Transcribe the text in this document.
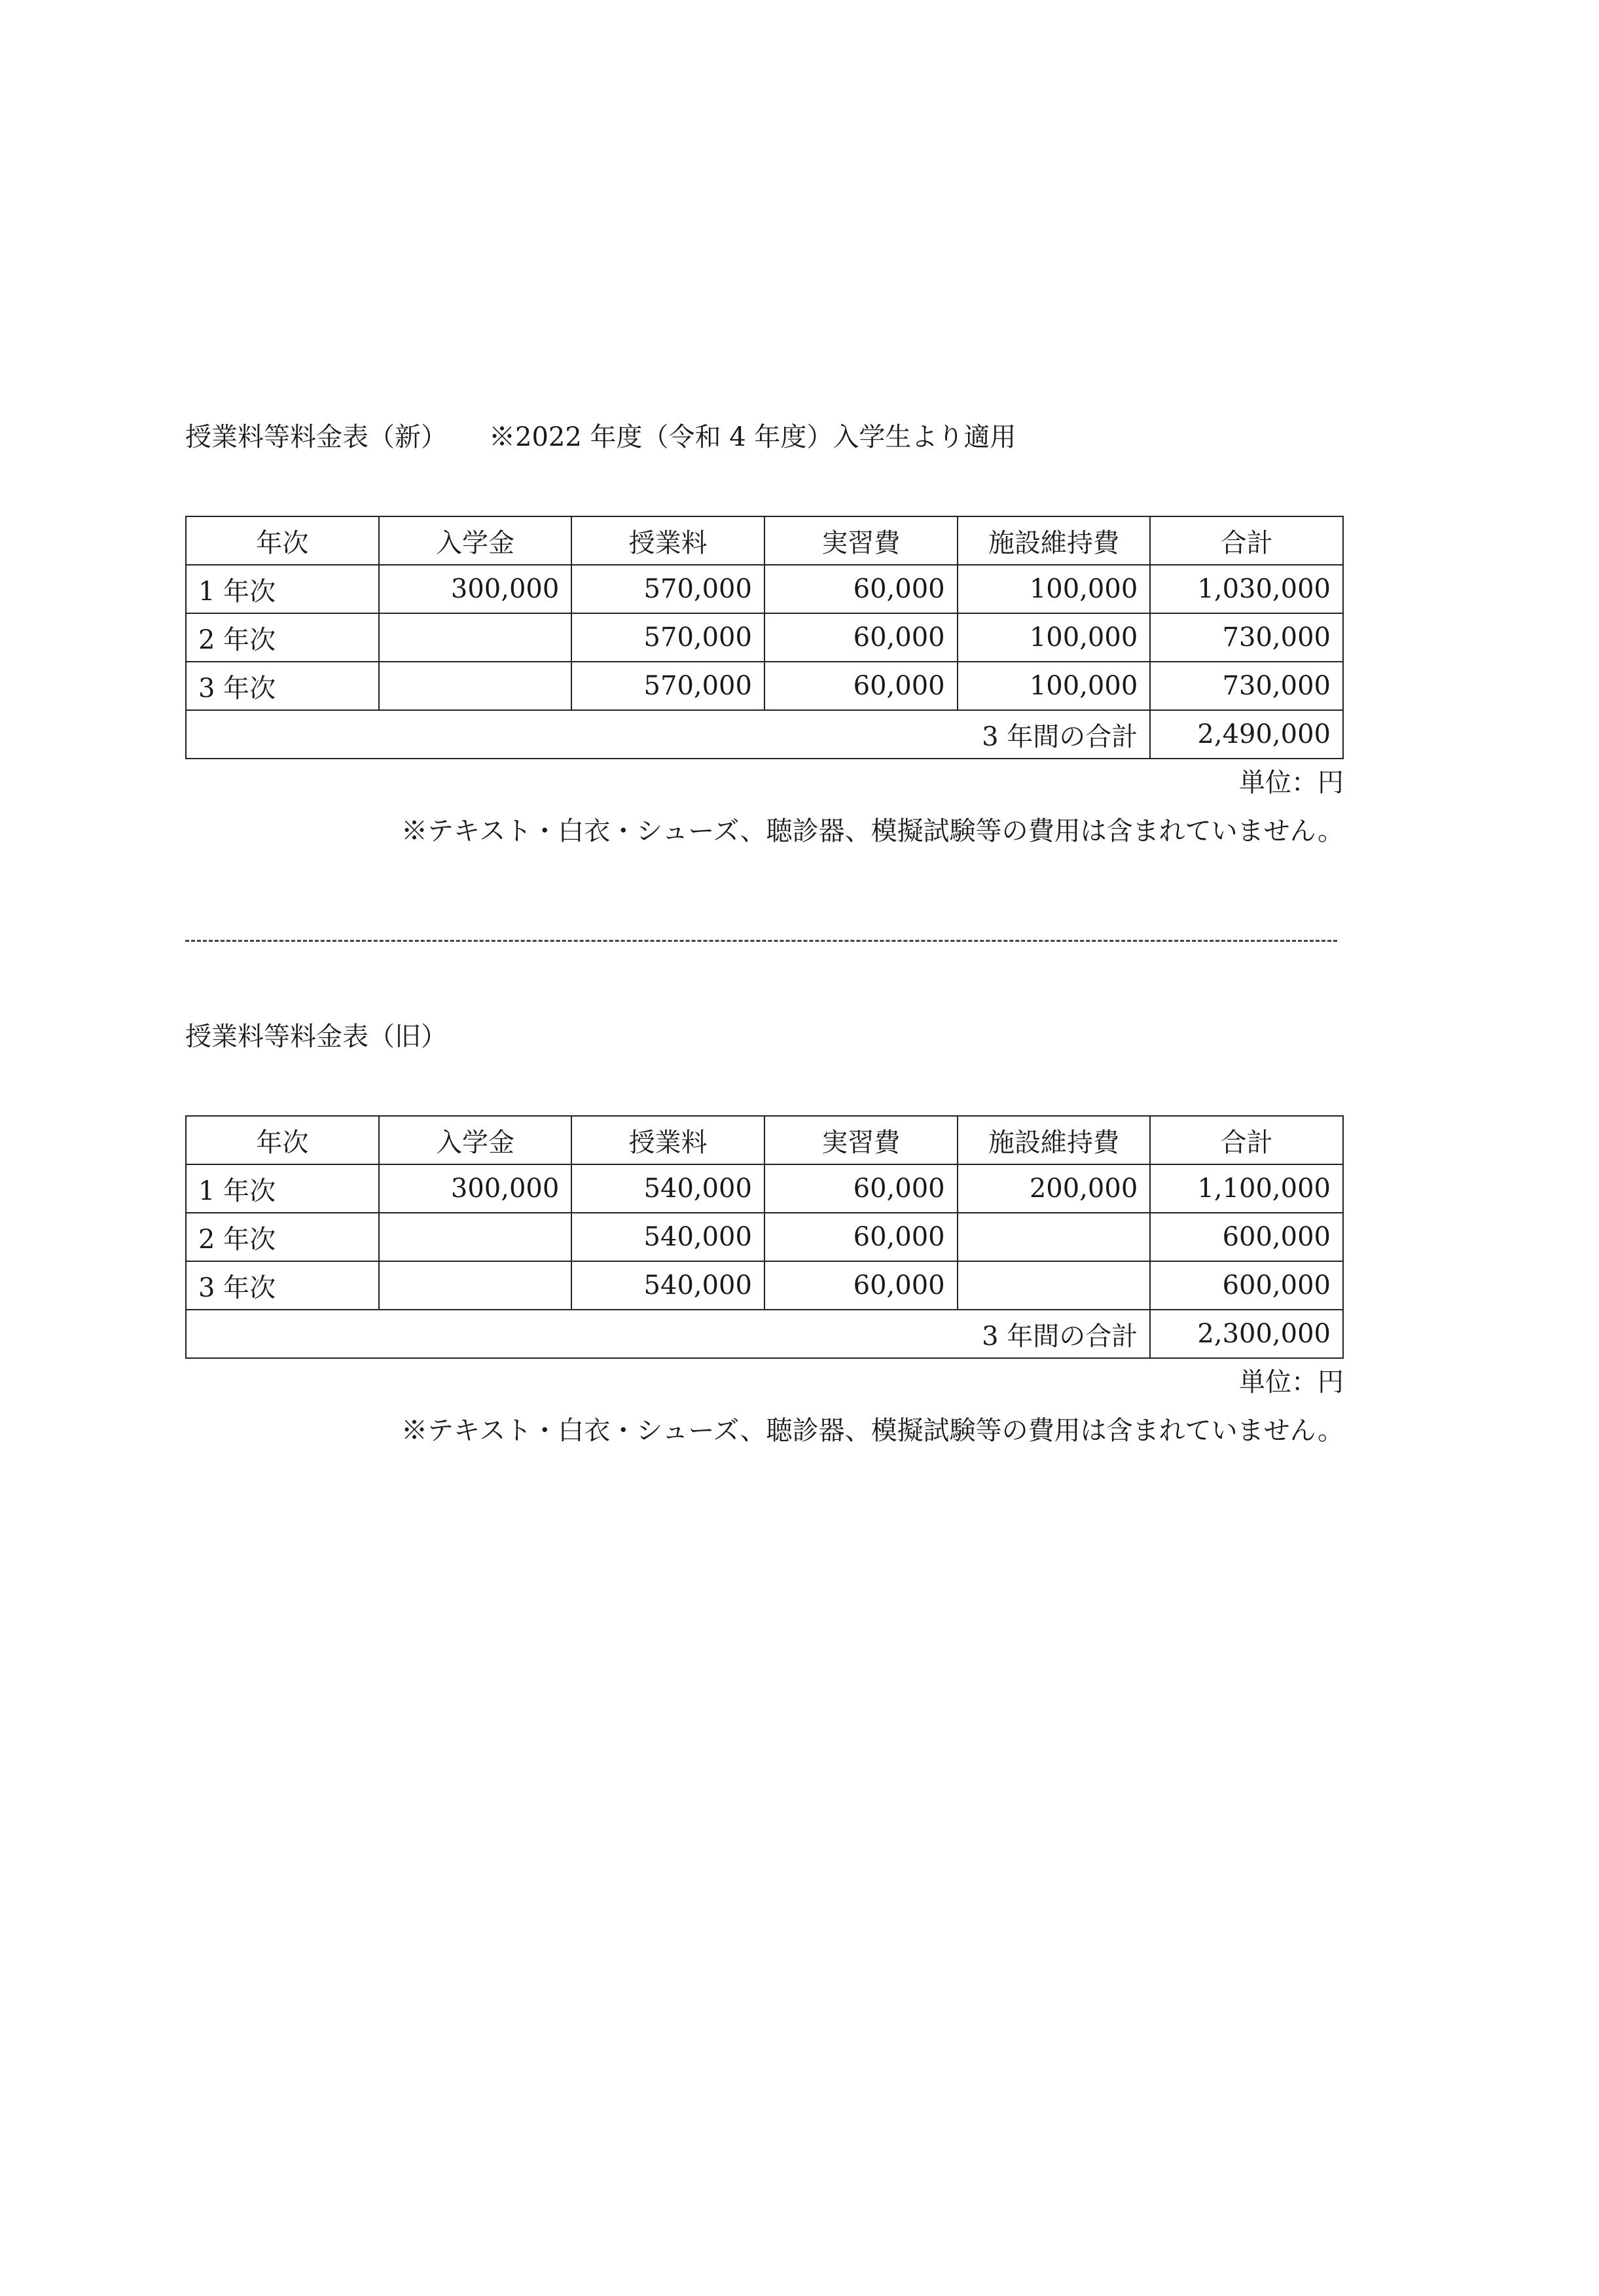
授業料等料金表（新） ※2022 年度（令和 4 年度）入学生より適用
年次	入学金	授業料	実習費	施設維持費	合計
1 年次	300,000	570,000	60,000	100,000	1,030,000
2 年次		570,000	60,000	100,000	730,000
3 年次		570,000	60,000	100,000	730,000
3 年間の合計					2,490,000
単位：円
※テキスト・白衣・シューズ、聴診器、模擬試験等の費用は含まれていません。
授業料等料金表（旧）
年次	入学金	授業料	実習費	施設維持費	合計
1 年次	300,000	540,000	60,000	200,000	1,100,000
2 年次		540,000	60,000		600,000
3 年次		540,000	60,000		600,000
3 年間の合計					2,300,000
単位：円
※テキスト・白衣・シューズ、聴診器、模擬試験等の費用は含まれていません。
